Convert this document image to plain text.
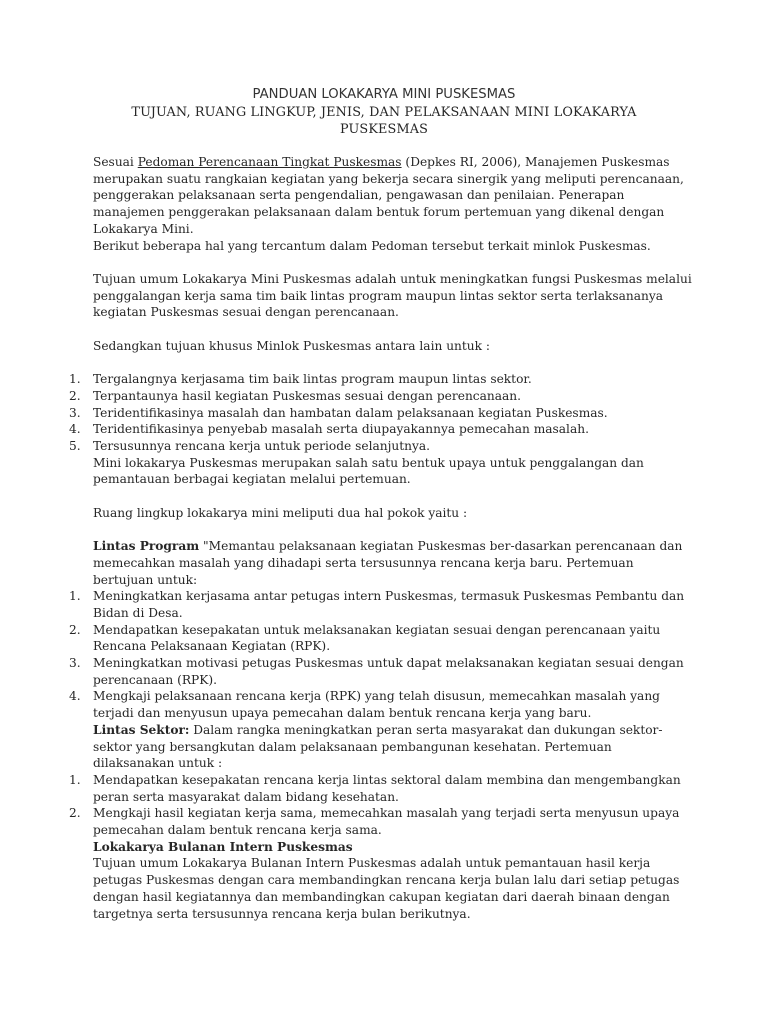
PANDUAN LOKAKARYA MINI PUSKESMAS
TUJUAN, RUANG LINGKUP, JENIS, DAN PELAKSANAAN MINI LOKAKARYA PUSKESMAS

Sesuai Pedoman Perencanaan Tingkat Puskesmas (Depkes RI, 2006), Manajemen Puskesmas merupakan suatu rangkaian kegiatan yang bekerja secara sinergik yang meliputi perencanaan, penggerakan pelaksanaan serta pengendalian, pengawasan dan penilaian. Penerapan manajemen penggerakan pelaksanaan dalam bentuk forum pertemuan yang dikenal dengan Lokakarya Mini.

Berikut beberapa hal yang tercantum dalam Pedoman tersebut terkait minlok Puskesmas.

Tujuan umum Lokakarya Mini Puskesmas adalah untuk meningkatkan fungsi Puskesmas melalui penggalangan kerja sama tim baik lintas program maupun lintas sektor serta terlaksananya kegiatan Puskesmas sesuai dengan perencanaan.

Sedangkan tujuan khusus Minlok Puskesmas antara lain untuk :

1.	Tergalangnya kerjasama tim baik lintas program maupun lintas sektor.
2.	Terpantaunya hasil kegiatan Puskesmas sesuai dengan perencanaan.
3.	Teridentifikasinya masalah dan hambatan dalam pelaksanaan kegiatan Puskesmas.
4.	Teridentifikasinya penyebab masalah serta diupayakannya pemecahan masalah.
5.	Tersusunnya rencana kerja untuk periode selanjutnya.

Mini lokakarya Puskesmas merupakan salah satu bentuk upaya untuk penggalangan dan pemantauan berbagai kegiatan melalui pertemuan.

Ruang lingkup lokakarya mini meliputi dua hal pokok yaitu :

Lintas Program "Memantau pelaksanaan kegiatan Puskesmas ber-dasarkan perencanaan dan memecahkan masalah yang dihadapi serta tersusunnya rencana kerja baru. Pertemuan bertujuan untuk:

1.	Meningkatkan kerjasama antar petugas intern Puskesmas, termasuk Puskesmas Pembantu dan Bidan di Desa.
2.	Mendapatkan kesepakatan untuk melaksanakan kegiatan sesuai dengan perencanaan yaitu Rencana Pelaksanaan Kegiatan (RPK).
3.	Meningkatkan motivasi petugas Puskesmas untuk dapat melaksanakan kegiatan sesuai dengan perencanaan (RPK).
4.	Mengkaji pelaksanaan rencana kerja (RPK) yang telah disusun, memecahkan masalah yang terjadi dan menyusun upaya pemecahan dalam bentuk rencana kerja yang baru.

Lintas Sektor: Dalam rangka meningkatkan peran serta masyarakat dan dukungan sektor-sektor yang bersangkutan dalam pelaksanaan pembangunan kesehatan. Pertemuan dilaksanakan untuk :

1.	Mendapatkan kesepakatan rencana kerja lintas sektoral dalam membina dan mengembangkan peran serta masyarakat dalam bidang kesehatan.
2.	Mengkaji hasil kegiatan kerja sama, memecahkan masalah yang terjadi serta menyusun upaya pemecahan dalam bentuk rencana kerja sama.

Lokakarya Bulanan Intern Puskesmas

Tujuan umum Lokakarya Bulanan Intern Puskesmas adalah untuk pemantauan hasil kerja petugas Puskesmas dengan cara membandingkan rencana kerja bulan lalu dari setiap petugas dengan hasil kegiatannya dan membandingkan cakupan kegiatan dari daerah binaan dengan targetnya serta tersusunnya rencana kerja bulan berikutnya.
